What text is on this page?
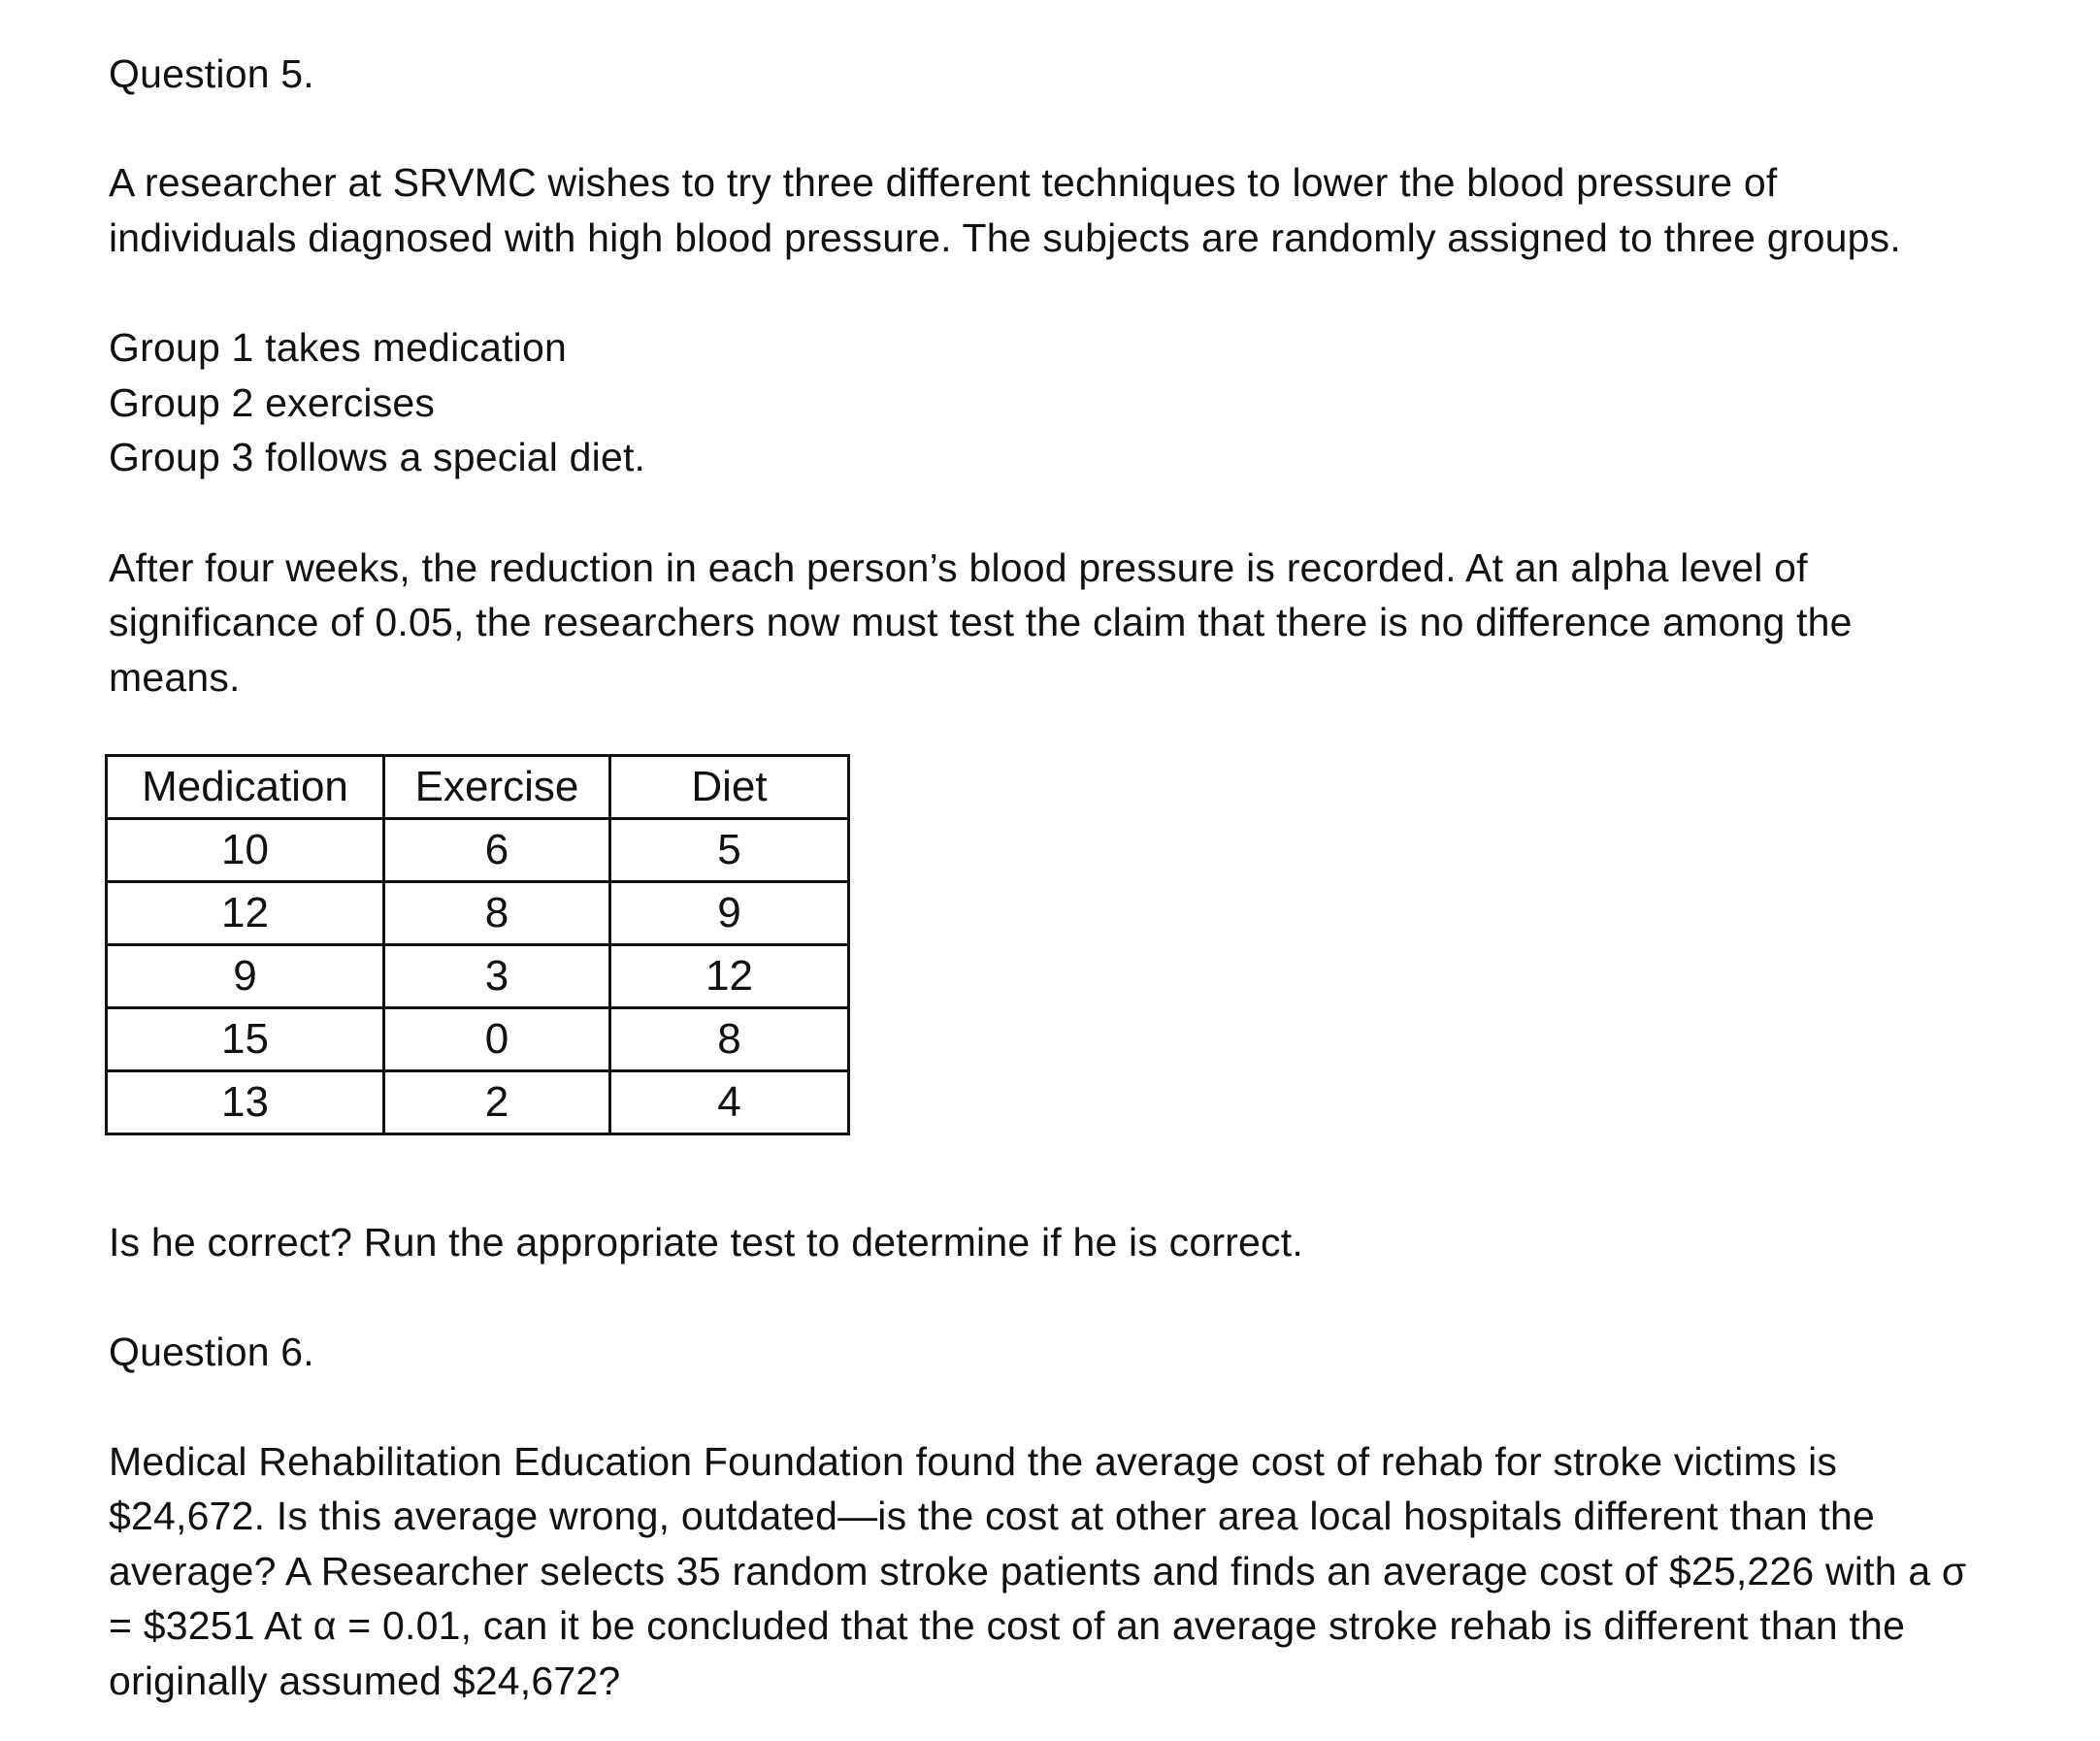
Question 5.
A researcher at SRVMC wishes to try three different techniques to lower the blood pressure of
individuals diagnosed with high blood pressure. The subjects are randomly assigned to three groups.
Group 1 takes medication
Group 2 exercises
Group 3 follows a special diet.
After four weeks, the reduction in each person’s blood pressure is recorded. At an alpha level of
significance of 0.05, the researchers now must test the claim that there is no difference among the
means.
Medication	Exercise	Diet
10	6	5
12	8	9
9	3	12
15	0	8
13	2	4
Is he correct? Run the appropriate test to determine if he is correct.
Question 6.
Medical Rehabilitation Education Foundation found the average cost of rehab for stroke victims is
$24,672. Is this average wrong, outdated—is the cost at other area local hospitals different than the
average? A Researcher selects 35 random stroke patients and finds an average cost of $25,226 with a σ
= $3251 At α = 0.01, can it be concluded that the cost of an average stroke rehab is different than the
originally assumed $24,672?
